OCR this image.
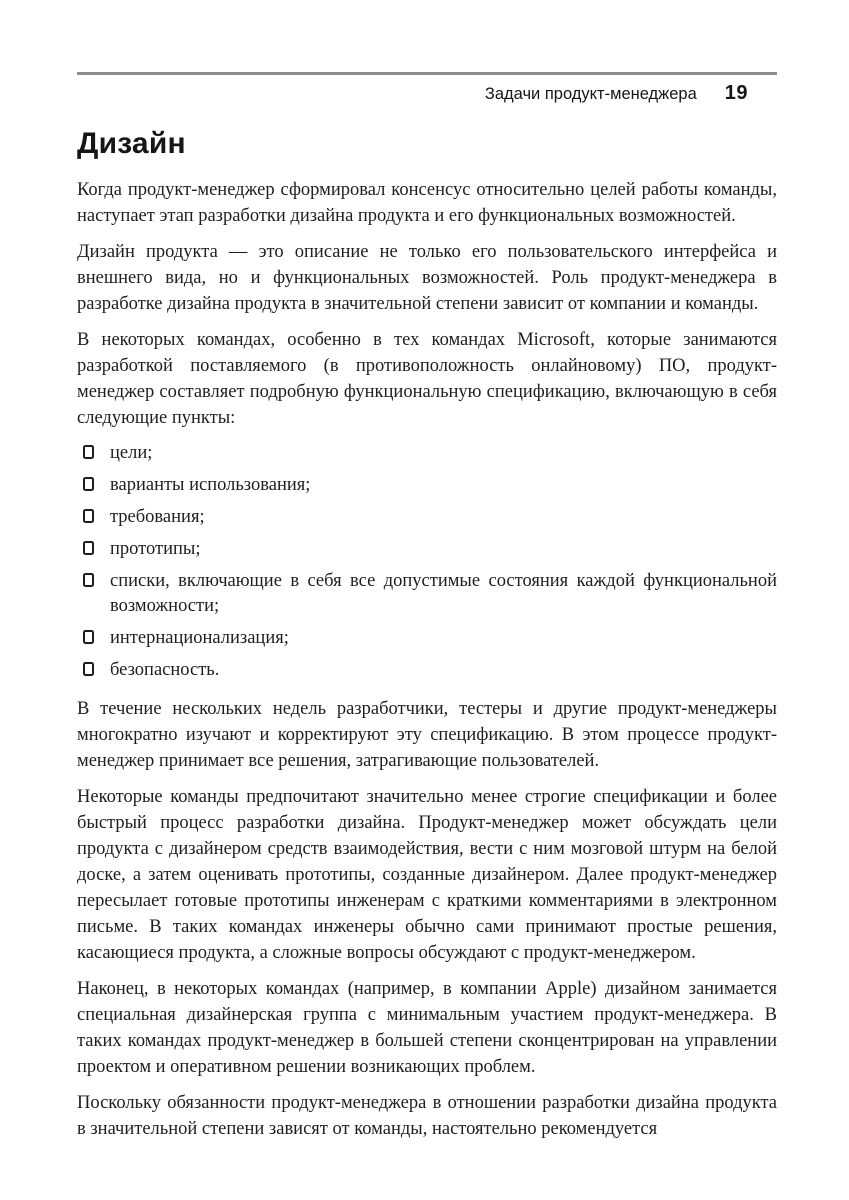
Задачи продукт-менеджера 19
Дизайн

Когда продукт-менеджер сформировал консенсус относительно целей работы команды, наступает этап разработки дизайна продукта и его функциональных возможностей.

Дизайн продукта — это описание не только его пользовательского интерфейса и внешнего вида, но и функциональных возможностей. Роль продукт-менеджера в разработке дизайна продукта в значительной степени зависит от компании и команды.

В некоторых командах, особенно в тех командах Microsoft, которые занимаются разработкой поставляемого (в противоположность онлайновому) ПО, продукт-менеджер составляет подробную функциональную спецификацию, включающую в себя следующие пункты:

цели;
варианты использования;
требования;
прототипы;
списки, включающие в себя все допустимые состояния каждой функциональной возможности;
интернационализация;
безопасность.

В течение нескольких недель разработчики, тестеры и другие продукт-менеджеры многократно изучают и корректируют эту спецификацию. В этом процессе продукт-менеджер принимает все решения, затрагивающие пользователей.

Некоторые команды предпочитают значительно менее строгие спецификации и более быстрый процесс разработки дизайна. Продукт-менеджер может обсуждать цели продукта с дизайнером средств взаимодействия, вести с ним мозговой штурм на белой доске, а затем оценивать прототипы, созданные дизайнером. Далее продукт-менеджер пересылает готовые прототипы инженерам с краткими комментариями в электронном письме. В таких командах инженеры обычно сами принимают простые решения, касающиеся продукта, а сложные вопросы обсуждают с продукт-менеджером.

Наконец, в некоторых командах (например, в компании Apple) дизайном занимается специальная дизайнерская группа с минимальным участием продукт-менеджера. В таких командах продукт-менеджер в большей степени сконцентрирован на управлении проектом и оперативном решении возникающих проблем.

Поскольку обязанности продукт-менеджера в отношении разработки дизайна продукта в значительной степени зависят от команды, настоятельно рекомендуется
